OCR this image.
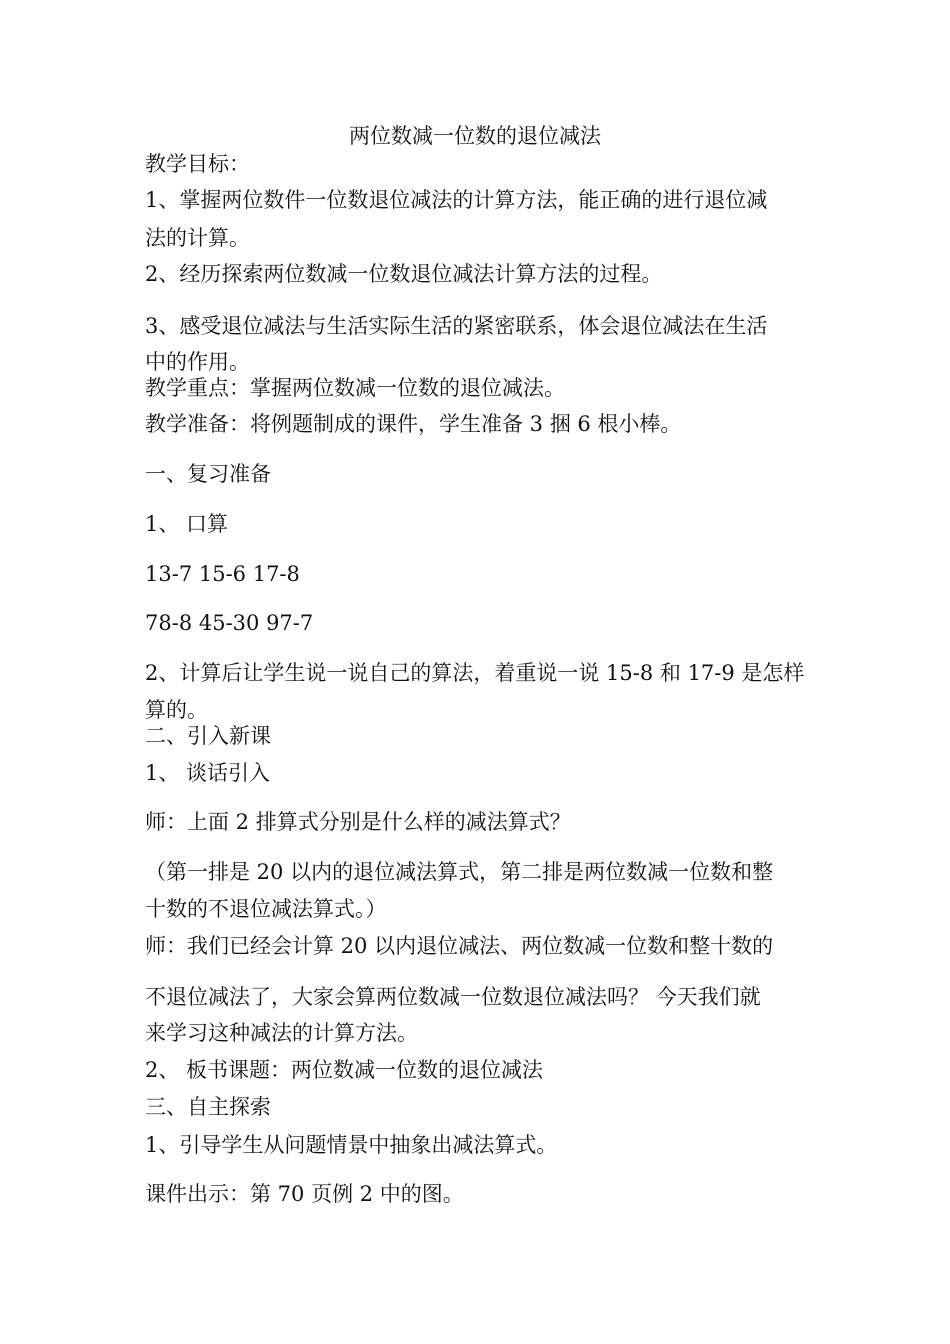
两位数减一位数的退位减法
教学目标：
1、掌握两位数件一位数退位减法的计算方法，能正确的进行退位减
法的计算。
2、经历探索两位数减一位数退位减法计算方法的过程。
3、感受退位减法与生活实际生活的紧密联系，体会退位减法在生活
中的作用。
教学重点：掌握两位数减一位数的退位减法。
教学准备：将例题制成的课件，学生准备 3 捆 6 根小棒。
一、复习准备
1、 口算
13-7 15-6 17-8
78-8 45-30 97-7
2、计算后让学生说一说自己的算法，着重说一说 15-8 和 17-9 是怎样
算的。
二、引入新课
1、 谈话引入
师：上面 2 排算式分别是什么样的减法算式？
（第一排是 20 以内的退位减法算式，第二排是两位数减一位数和整
十数的不退位减法算式。）
师：我们已经会计算 20 以内退位减法、两位数减一位数和整十数的
不退位减法了，大家会算两位数减一位数退位减法吗？ 今天我们就
来学习这种减法的计算方法。
2、 板书课题：两位数减一位数的退位减法
三、自主探索
1、引导学生从问题情景中抽象出减法算式。
课件出示：第 70 页例 2 中的图。
